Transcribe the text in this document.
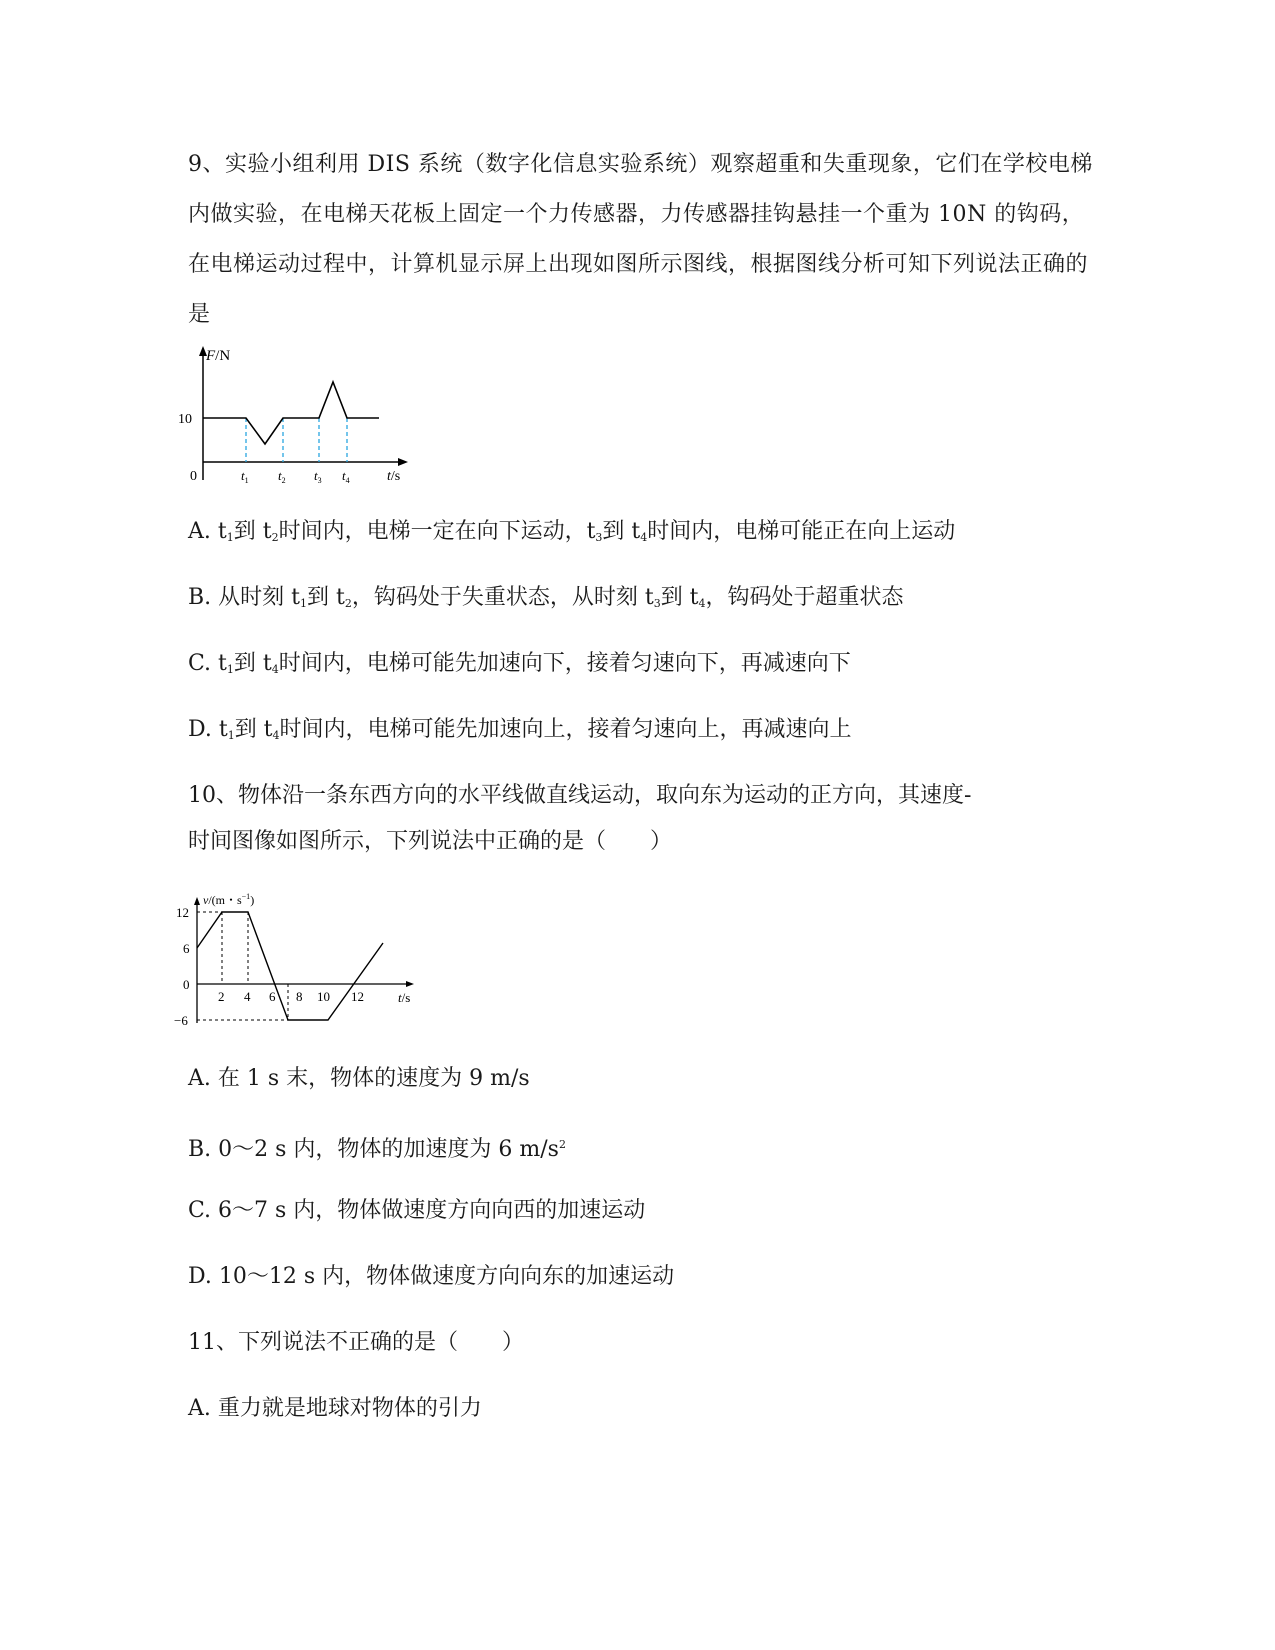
9、实验小组利用 DIS 系统（数字化信息实验系统）观察超重和失重现象，它们在学校电梯内做实验，在电梯天花板上固定一个力传感器，力传感器挂钩悬挂一个重为 10N 的钩码，在电梯运动过程中，计算机显示屏上出现如图所示图线，根据图线分析可知下列说法正确的是
F/N
10
0	$t_1$ $t_2$ $t_3$ $t_4$	t/s
A. $t_1$到 $t_2$时间内，电梯一定在向下运动，$t_3$到 $t_4$时间内，电梯可能正在向上运动
B. 从时刻 $t_1$到 $t_2$，钩码处于失重状态，从时刻 $t_3$到 $t_4$，钩码处于超重状态
C. $t_1$到 $t_4$时间内，电梯可能先加速向下，接着匀速向下，再减速向下
D. $t_1$到 $t_4$时间内，电梯可能先加速向上，接着匀速向上，再减速向上
10、物体沿一条东西方向的水平线做直线运动，取向东为运动的正方向，其速度-
时间图像如图所示，下列说法中正确的是（　　）
12
6
0
−6
2 4 6 8 10 12
v/(m・$s^{-1}$)
t/s
A. 在 1 s 末，物体的速度为 9 m/s
B. 0～2 s 内，物体的加速度为 6 $m/s^2$
C. 6～7 s 内，物体做速度方向向西的加速运动
D. 10～12 s 内，物体做速度方向向东的加速运动
11、下列说法不正确的是（　　）
A. 重力就是地球对物体的引力
